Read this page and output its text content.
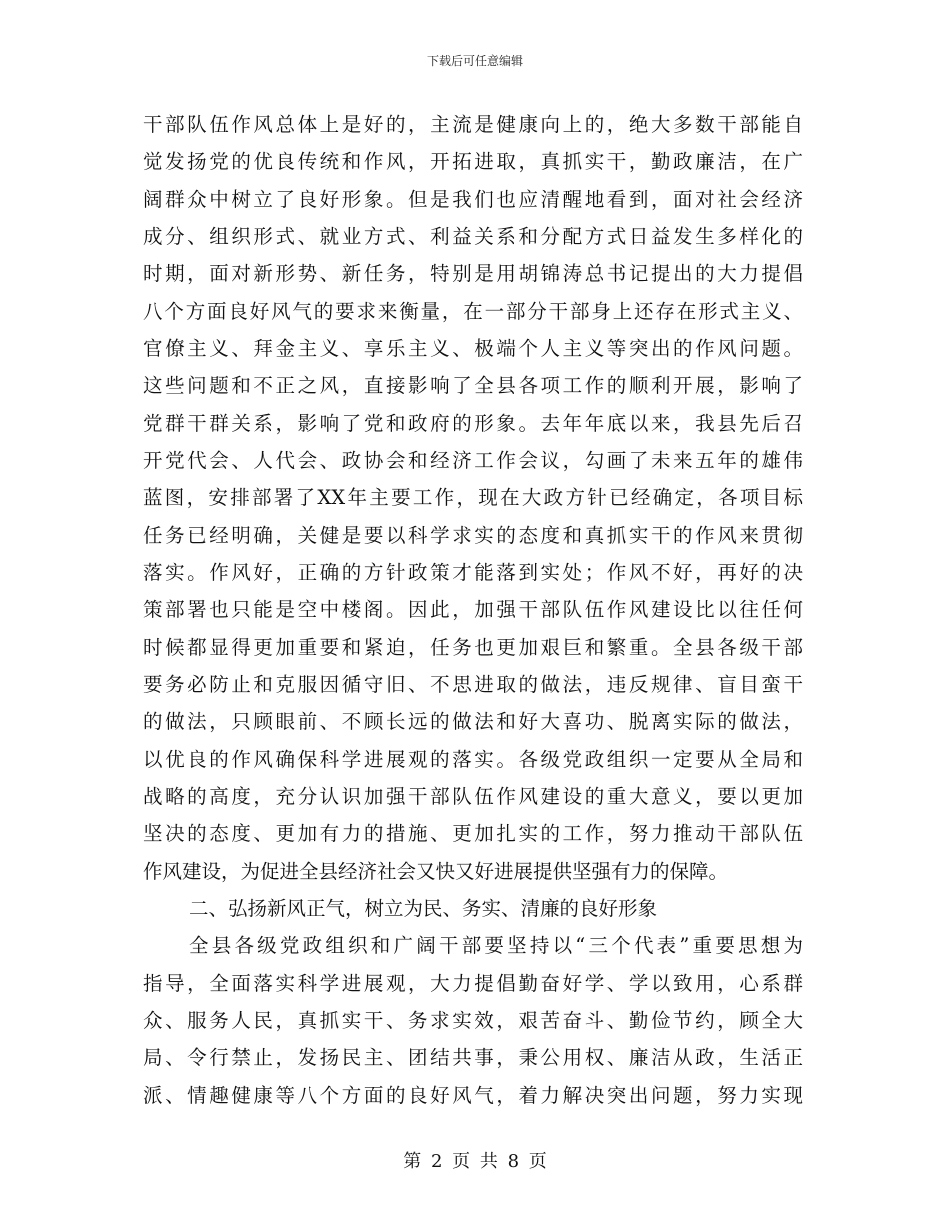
下载后可任意编辑
干部队伍作风总体上是好的，主流是健康向上的，绝大多数干部能自
觉发扬党的优良传统和作风，开拓进取，真抓实干，勤政廉洁，在广
阔群众中树立了良好形象。但是我们也应清醒地看到，面对社会经济
成分、组织形式、就业方式、利益关系和分配方式日益发生多样化的
时期，面对新形势、新任务，特别是用胡锦涛总书记提出的大力提倡
八个方面良好风气的要求来衡量，在一部分干部身上还存在形式主义、
官僚主义、拜金主义、享乐主义、极端个人主义等突出的作风问题。
这些问题和不正之风，直接影响了全县各项工作的顺利开展，影响了
党群干群关系，影响了党和政府的形象。去年年底以来，我县先后召
开党代会、人代会、政协会和经济工作会议，勾画了未来五年的雄伟
蓝图，安排部署了XX年主要工作，现在大政方针已经确定，各项目标
任务已经明确，关健是要以科学求实的态度和真抓实干的作风来贯彻
落实。作风好，正确的方针政策才能落到实处；作风不好，再好的决
策部署也只能是空中楼阁。因此，加强干部队伍作风建设比以往任何
时候都显得更加重要和紧迫，任务也更加艰巨和繁重。全县各级干部
要务必防止和克服因循守旧、不思进取的做法，违反规律、盲目蛮干
的做法，只顾眼前、不顾长远的做法和好大喜功、脱离实际的做法，
以优良的作风确保科学进展观的落实。各级党政组织一定要从全局和
战略的高度，充分认识加强干部队伍作风建设的重大意义，要以更加
坚决的态度、更加有力的措施、更加扎实的工作，努力推动干部队伍
作风建设，为促进全县经济社会又快又好进展提供坚强有力的保障。
二、弘扬新风正气，树立为民、务实、清廉的良好形象
全县各级党政组织和广阔干部要坚持以“三个代表”重要思想为
指导，全面落实科学进展观，大力提倡勤奋好学、学以致用，心系群
众、服务人民，真抓实干、务求实效，艰苦奋斗、勤俭节约，顾全大
局、令行禁止，发扬民主、团结共事，秉公用权、廉洁从政，生活正
派、情趣健康等八个方面的良好风气，着力解决突出问题，努力实现
第 2 页 共 8 页
